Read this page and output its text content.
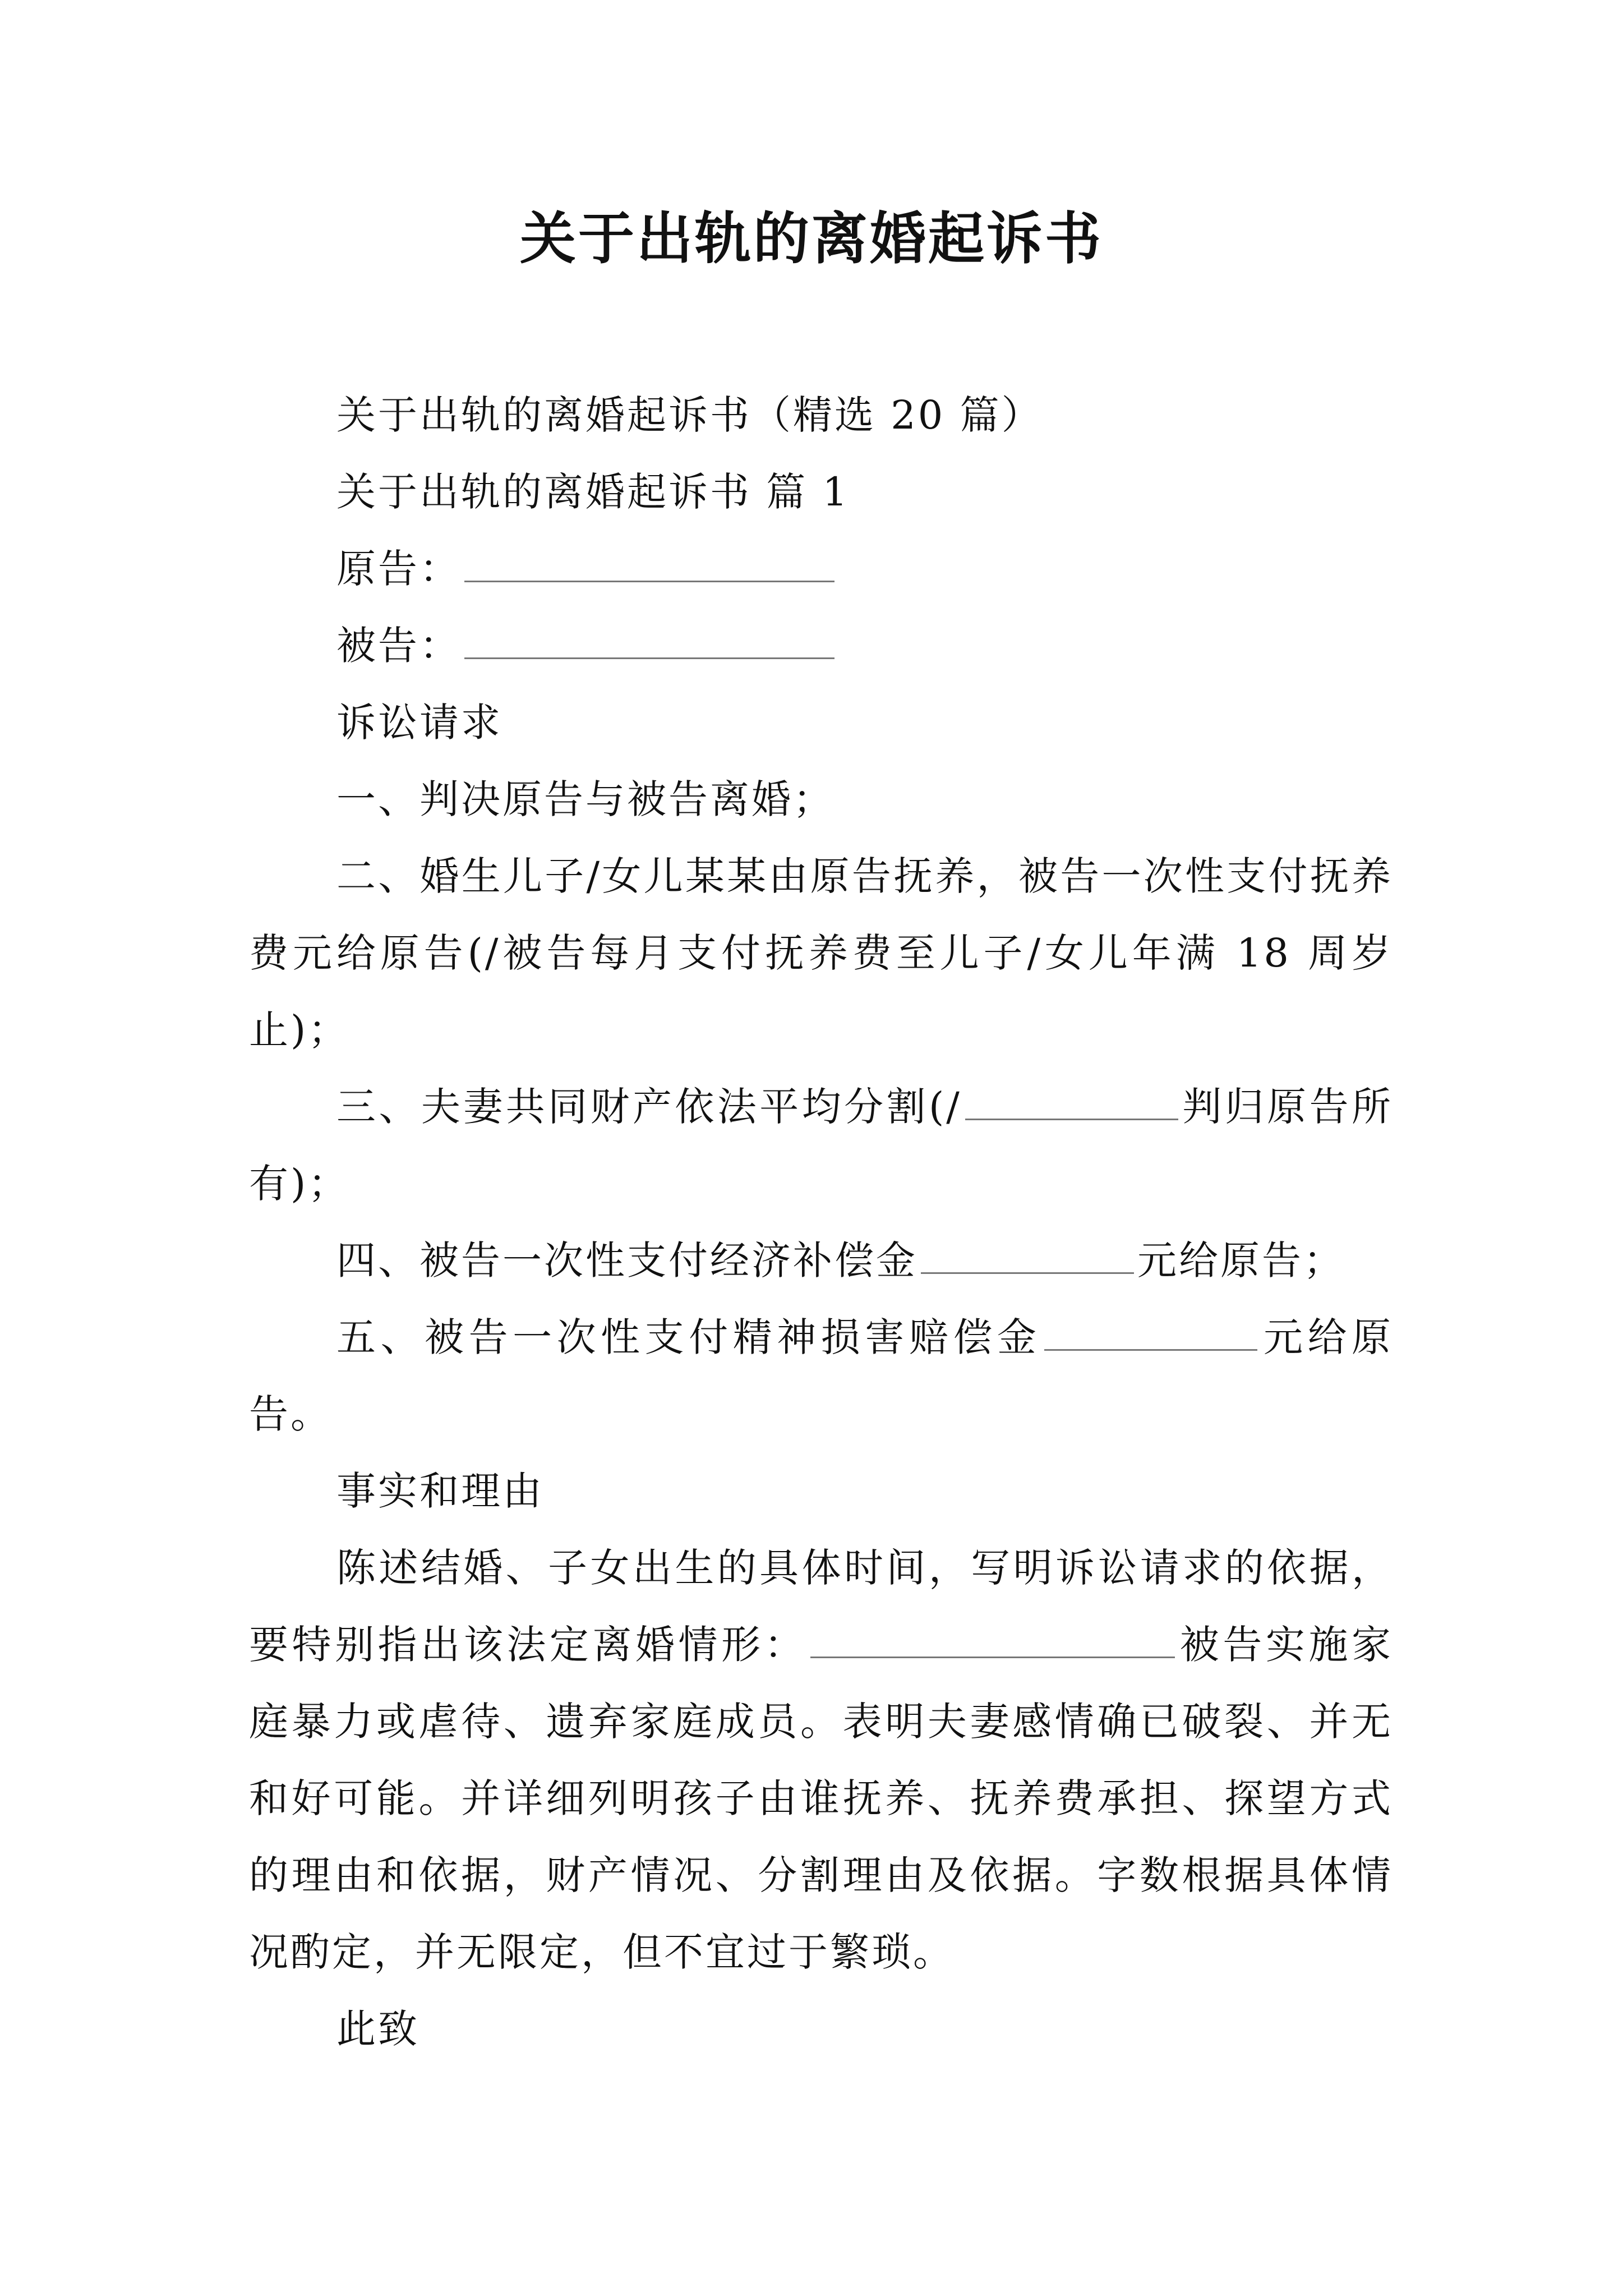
关于出轨的离婚起诉书

关于出轨的离婚起诉书（精选 20 篇）

关于出轨的离婚起诉书 篇 1

原告：

被告：

诉讼请求

一、判决原告与被告离婚；

二、婚生儿子/女儿某某由原告抚养，被告一次性支付抚养费元给原告(/被告每月支付抚养费至儿子/女儿年满 18 周岁止)；

三、夫妻共同财产依法平均分割(/	判归原告所有)；

四、被告一次性支付经济补偿金	元给原告；

五、被告一次性支付精神损害赔偿金	元给原告。

事实和理由

陈述结婚、子女出生的具体时间，写明诉讼请求的依据，要特别指出该法定离婚情形：	被告实施家庭暴力或虐待、遗弃家庭成员。表明夫妻感情确已破裂、并无和好可能。并详细列明孩子由谁抚养、抚养费承担、探望方式的理由和依据，财产情况、分割理由及依据。字数根据具体情况酌定，并无限定，但不宜过于繁琐。

此致
